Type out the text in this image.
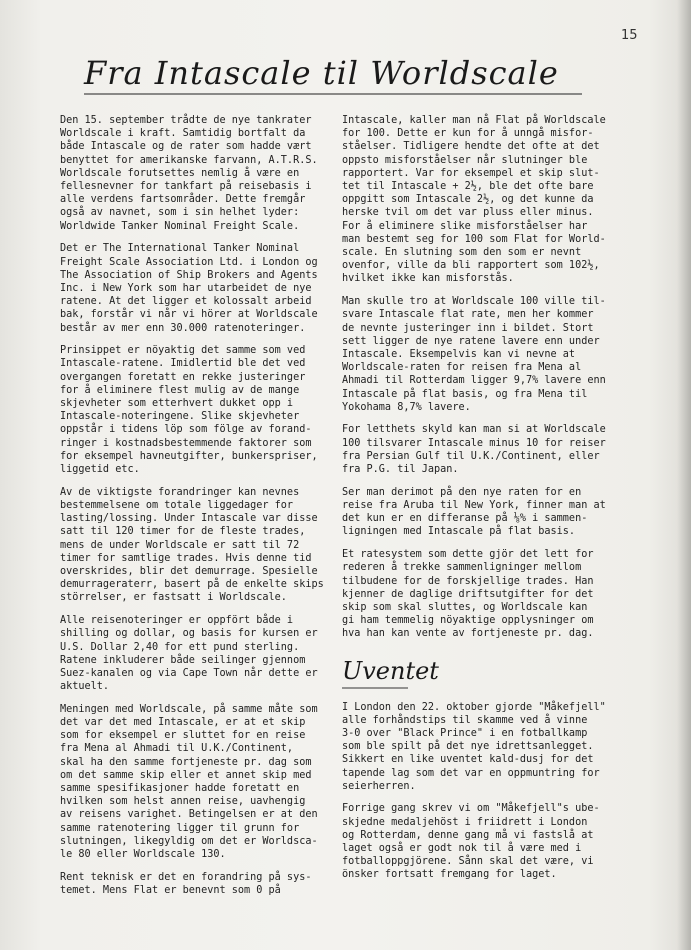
15
Fra Intascale til Worldscale

Den 15. september trådte de nye tankrater
Worldscale i kraft. Samtidig bortfalt da
både Intascale og de rater som hadde vært
benyttet for amerikanske farvann, A.T.R.S.
Worldscale forutsettes nemlig å være en
fellesnevner for tankfart på reisebasis i
alle verdens fartsområder. Dette fremgår
også av navnet, som i sin helhet lyder:
Worldwide Tanker Nominal Freight Scale.

Det er The International Tanker Nominal
Freight Scale Association Ltd. i London og
The Association of Ship Brokers and Agents
Inc. i New York som har utarbeidet de nye
ratene. At det ligger et kolossalt arbeid
bak, forstår vi når vi hörer at Worldscale
består av mer enn 30.000 ratenoteringer.

Prinsippet er nöyaktig det samme som ved
Intascale-ratene. Imidlertid ble det ved
overgangen foretatt en rekke justeringer
for å eliminere flest mulig av de mange
skjevheter som etterhvert dukket opp i
Intascale-noteringene. Slike skjevheter
oppstår i tidens löp som fölge av forand-
ringer i kostnadsbestemmende faktorer som
for eksempel havneutgifter, bunkerspriser,
liggetid etc.

Av de viktigste forandringer kan nevnes
bestemmelsene om totale liggedager for
lasting/lossing. Under Intascale var disse
satt til 120 timer for de fleste trades,
mens de under Worldscale er satt til 72
timer for samtlige trades. Hvis denne tid
overskrides, blir det demurrage. Spesielle
demurrageraterr, basert på de enkelte skips
störrelser, er fastsatt i Worldscale.

Alle reisenoteringer er oppfört både i
shilling og dollar, og basis for kursen er
U.S. Dollar 2,40 for ett pund sterling.
Ratene inkluderer både seilinger gjennom
Suez-kanalen og via Cape Town når dette er
aktuelt.

Meningen med Worldscale, på samme måte som
det var det med Intascale, er at et skip
som for eksempel er sluttet for en reise
fra Mena al Ahmadi til U.K./Continent,
skal ha den samme fortjeneste pr. dag som
om det samme skip eller et annet skip med
samme spesifikasjoner hadde foretatt en
hvilken som helst annen reise, uavhengig
av reisens varighet. Betingelsen er at den
samme ratenotering ligger til grunn for
slutningen, likegyldig om det er Worldsca-
le 80 eller Worldscale 130.

Rent teknisk er det en forandring på sys-
temet. Mens Flat er benevnt som 0 på

Intascale, kaller man nå Flat på Worldscale
for 100. Dette er kun for å unngå misfor-
ståelser. Tidligere hendte det ofte at det
oppsto misforståelser når slutninger ble
rapportert. Var for eksempel et skip slut-
tet til Intascale + 2½, ble det ofte bare
oppgitt som Intascale 2½, og det kunne da
herske tvil om det var pluss eller minus.
For å eliminere slike misforståelser har
man bestemt seg for 100 som Flat for World-
scale. En slutning som den som er nevnt
ovenfor, ville da bli rapportert som 102½,
hvilket ikke kan misforstås.

Man skulle tro at Worldscale 100 ville til-
svare Intascale flat rate, men her kommer
de nevnte justeringer inn i bildet. Stort
sett ligger de nye ratene lavere enn under
Intascale. Eksempelvis kan vi nevne at
Worldscale-raten for reisen fra Mena al
Ahmadi til Rotterdam ligger 9,7% lavere enn
Intascale på flat basis, og fra Mena til
Yokohama 8,7% lavere.

For letthets skyld kan man si at Worldscale
100 tilsvarer Intascale minus 10 for reiser
fra Persian Gulf til U.K./Continent, eller
fra P.G. til Japan.

Ser man derimot på den nye raten for en
reise fra Aruba til New York, finner man at
det kun er en differanse på ⅛% i sammen-
ligningen med Intascale på flat basis.

Et ratesystem som dette gjör det lett for
rederen å trekke sammenligninger mellom
tilbudene for de forskjellige trades. Han
kjenner de daglige driftsutgifter for det
skip som skal sluttes, og Worldscale kan
gi ham temmelig nöyaktige opplysninger om
hva han kan vente av fortjeneste pr. dag.

Uventet

I London den 22. oktober gjorde "Måkefjell"
alle forhåndstips til skamme ved å vinne
3-0 over "Black Prince" i en fotballkamp
som ble spilt på det nye idrettsanlegget.
Sikkert en like uventet kald-dusj for det
tapende lag som det var en oppmuntring for
seierherren.

Forrige gang skrev vi om "Måkefjell"s ube-
skjedne medaljehöst i friidrett i London
og Rotterdam, denne gang må vi fastslå at
laget også er godt nok til å være med i
fotballoppgjörene. Sånn skal det være, vi
önsker fortsatt fremgang for laget.
